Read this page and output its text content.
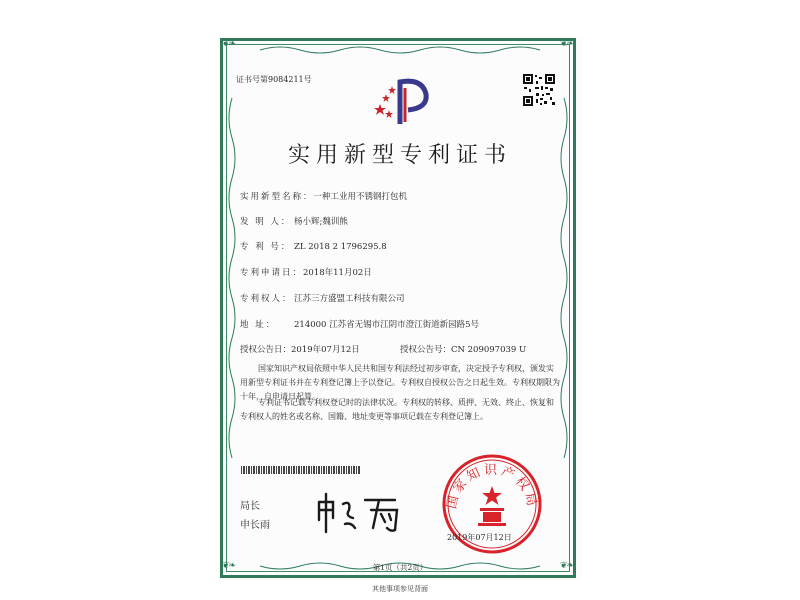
❦❧	❦❧
❦❧	❦❧
证书号第9084211号
实用新型专利证书
实用新型名称：一种工业用不锈钢打包机
发 明 人： 杨小辉;魏训熊
专 利 号： ZL 2018 2 1796295.8
专利申请日：2018年11月02日
专利权人：江苏三方盛盟工科技有限公司
地 址： 214000 江苏省无锡市江阴市澄江街道新园路5号
授权公告日：2019年07月12日	授权公告号：CN 209097039 U
国家知识产权局依照中华人民共和国专利法经过初步审查，决定授予专利权，颁发实用新型专利证书并在专利登记簿上予以登记。专利权自授权公告之日起生效。专利权期限为十年，自申请日起算。
专利证书记载专利权登记时的法律状况。专利权的转移、质押、无效、终止、恢复和专利权人的姓名或名称、国籍、地址变更等事项记载在专利登记簿上。
局长
申长雨
国家知识产权局
2019年07月12日
第1页（共2页）
其他事项参见背面
